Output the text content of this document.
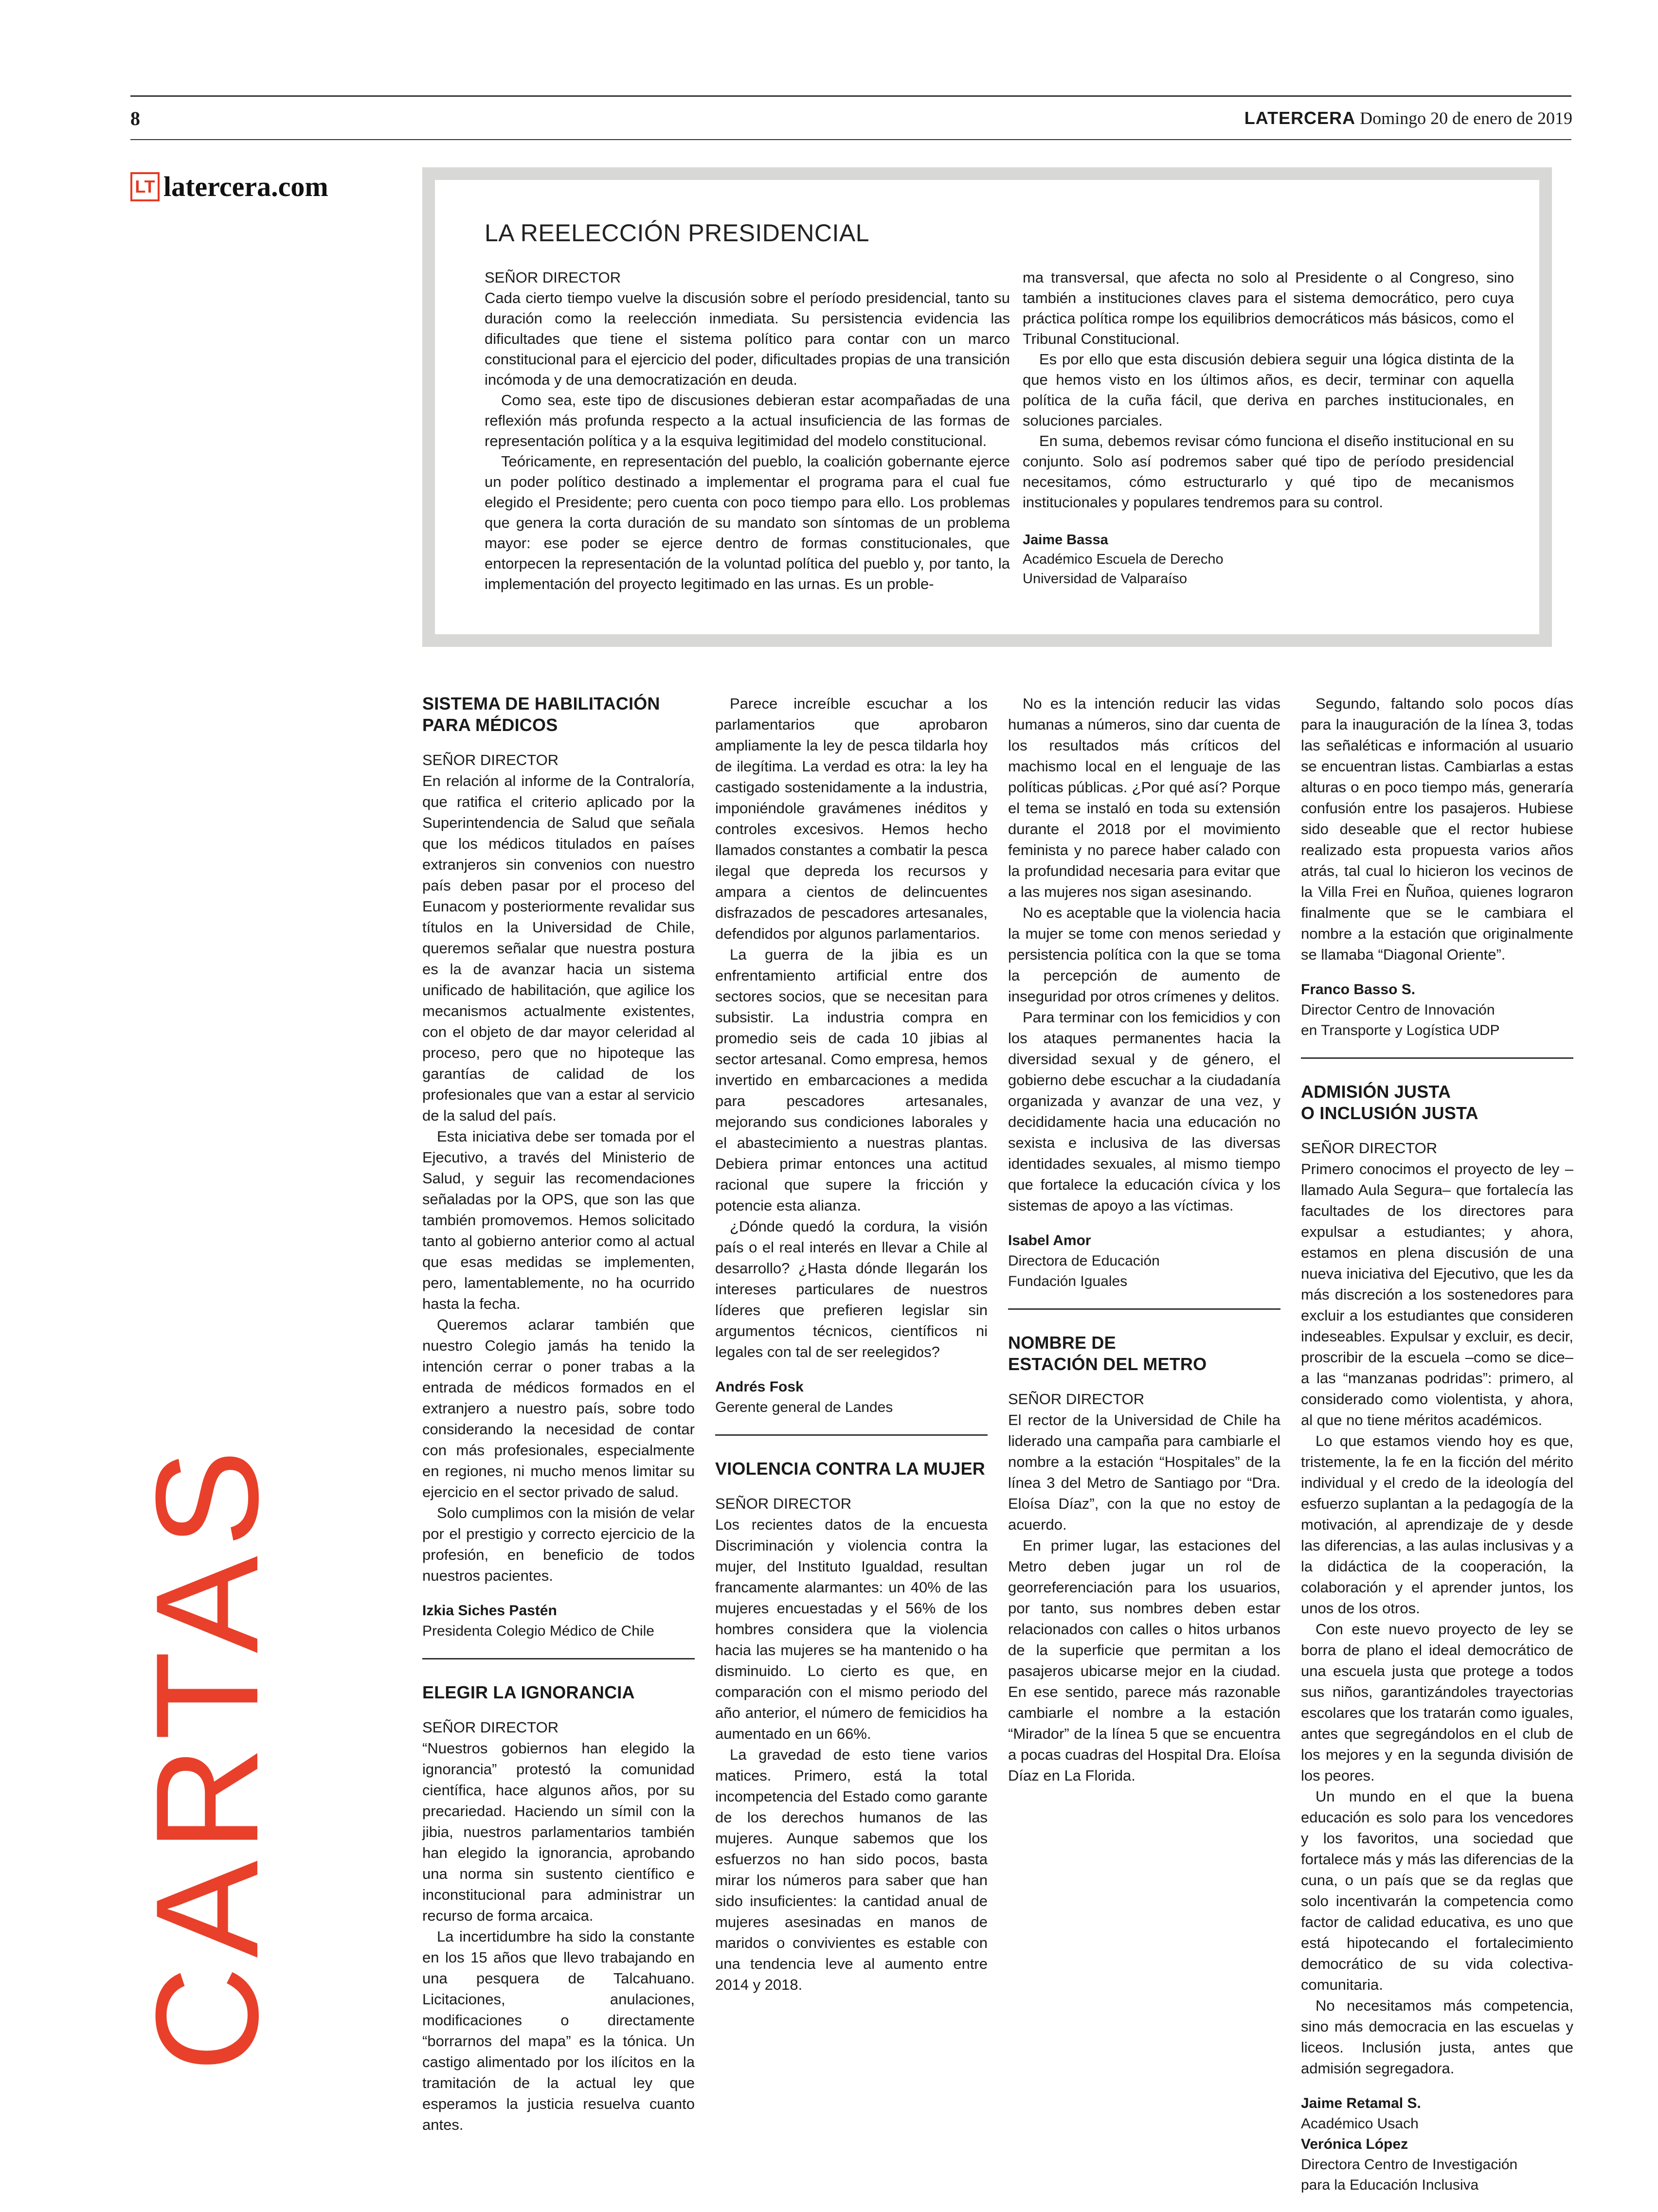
8	LATERCERA Domingo 20 de enero de 2019
LT latercera.com
LA REELECCIÓN PRESIDENCIAL

SEÑOR DIRECTOR

Cada cierto tiempo vuelve la discusión sobre el período presidencial, tanto su duración como la reelección inmediata. Su persistencia evidencia las dificultades que tiene el sistema político para contar con un marco constitucional para el ejercicio del poder, dificultades propias de una transición incómoda y de una democratización en deuda.

Como sea, este tipo de discusiones debieran estar acompañadas de una reflexión más profunda respecto a la actual insuficiencia de las formas de representación política y a la esquiva legitimidad del modelo constitucional.

Teóricamente, en representación del pueblo, la coalición gobernante ejerce un poder político destinado a implementar el programa para el cual fue elegido el Presidente; pero cuenta con poco tiempo para ello. Los problemas que genera la corta duración de su mandato son síntomas de un problema mayor: ese poder se ejerce dentro de formas constitucionales, que entorpecen la representación de la voluntad política del pueblo y, por tanto, la implementación del proyecto legitimado en las urnas. Es un proble-

ma transversal, que afecta no solo al Presidente o al Congreso, sino también a instituciones claves para el sistema democrático, pero cuya práctica política rompe los equilibrios democráticos más básicos, como el Tribunal Constitucional.

Es por ello que esta discusión debiera seguir una lógica distinta de la que hemos visto en los últimos años, es decir, terminar con aquella política de la cuña fácil, que deriva en parches institucionales, en soluciones parciales.

En suma, debemos revisar cómo funciona el diseño institucional en su conjunto. Solo así podremos saber qué tipo de período presidencial necesitamos, cómo estructurarlo y qué tipo de mecanismos institucionales y populares tendremos para su control.

Jaime Bassa
Académico Escuela de Derecho
Universidad de Valparaíso
CARTAS
SISTEMA DE HABILITACIÓN
PARA MÉDICOS

SEÑOR DIRECTOR

En relación al informe de la Contraloría, que ratifica el criterio aplicado por la Superintendencia de Salud que señala que los médicos titulados en países extranjeros sin convenios con nuestro país deben pasar por el proceso del Eunacom y posteriormente revalidar sus títulos en la Universidad de Chile, queremos señalar que nuestra postura es la de avanzar hacia un sistema unificado de habilitación, que agilice los mecanismos actualmente existentes, con el objeto de dar mayor celeridad al proceso, pero que no hipoteque las garantías de calidad de los profesionales que van a estar al servicio de la salud del país.

Esta iniciativa debe ser tomada por el Ejecutivo, a través del Ministerio de Salud, y seguir las recomendaciones señaladas por la OPS, que son las que también promovemos. Hemos solicitado tanto al gobierno anterior como al actual que esas medidas se implementen, pero, lamentablemente, no ha ocurrido hasta la fecha.

Queremos aclarar también que nuestro Colegio jamás ha tenido la intención cerrar o poner trabas a la entrada de médicos formados en el extranjero a nuestro país, sobre todo considerando la necesidad de contar con más profesionales, especialmente en regiones, ni mucho menos limitar su ejercicio en el sector privado de salud.

Solo cumplimos con la misión de velar por el prestigio y correcto ejercicio de la profesión, en beneficio de todos nuestros pacientes.

Izkia Siches Pastén
Presidenta Colegio Médico de Chile
ELEGIR LA IGNORANCIA

SEÑOR DIRECTOR

“Nuestros gobiernos han elegido la ignorancia” protestó la comunidad científica, hace algunos años, por su precariedad. Haciendo un símil con la jibia, nuestros parlamentarios también han elegido la ignorancia, aprobando una norma sin sustento científico e inconstitucional para administrar un recurso de forma arcaica.

La incertidumbre ha sido la constante en los 15 años que llevo trabajando en una pesquera de Talcahuano. Licitaciones, anulaciones, modificaciones o directamente “borrarnos del mapa” es la tónica. Un castigo alimentado por los ilícitos en la tramitación de la actual ley que esperamos la justicia resuelva cuanto antes.

Parece increíble escuchar a los parlamentarios que aprobaron ampliamente la ley de pesca tildarla hoy de ilegítima. La verdad es otra: la ley ha castigado sostenidamente a la industria, imponiéndole gravámenes inéditos y controles excesivos. Hemos hecho llamados constantes a combatir la pesca ilegal que depreda los recursos y ampara a cientos de delincuentes disfrazados de pescadores artesanales, defendidos por algunos parlamentarios.

La guerra de la jibia es un enfrentamiento artificial entre dos sectores socios, que se necesitan para subsistir. La industria compra en promedio seis de cada 10 jibias al sector artesanal. Como empresa, hemos invertido en embarcaciones a medida para pescadores artesanales, mejorando sus condiciones laborales y el abastecimiento a nuestras plantas. Debiera primar entonces una actitud racional que supere la fricción y potencie esta alianza.

¿Dónde quedó la cordura, la visión país o el real interés en llevar a Chile al desarrollo? ¿Hasta dónde llegarán los intereses particulares de nuestros líderes que prefieren legislar sin argumentos técnicos, científicos ni legales con tal de ser reelegidos?

Andrés Fosk
Gerente general de Landes
VIOLENCIA CONTRA LA MUJER

SEÑOR DIRECTOR

Los recientes datos de la encuesta Discriminación y violencia contra la mujer, del Instituto Igualdad, resultan francamente alarmantes: un 40% de las mujeres encuestadas y el 56% de los hombres considera que la violencia hacia las mujeres se ha mantenido o ha disminuido. Lo cierto es que, en comparación con el mismo periodo del año anterior, el número de femicidios ha aumentado en un 66%.

La gravedad de esto tiene varios matices. Primero, está la total incompetencia del Estado como garante de los derechos humanos de las mujeres. Aunque sabemos que los esfuerzos no han sido pocos, basta mirar los números para saber que han sido insuficientes: la cantidad anual de mujeres asesinadas en manos de maridos o convivientes es estable con una tendencia leve al aumento entre 2014 y 2018.

No es la intención reducir las vidas humanas a números, sino dar cuenta de los resultados más críticos del machismo local en el lenguaje de las políticas públicas. ¿Por qué así? Porque el tema se instaló en toda su extensión durante el 2018 por el movimiento feminista y no parece haber calado con la profundidad necesaria para evitar que a las mujeres nos sigan asesinando.

No es aceptable que la violencia hacia la mujer se tome con menos seriedad y persistencia política con la que se toma la percepción de aumento de inseguridad por otros crímenes y delitos.

Para terminar con los femicidios y con los ataques permanentes hacia la diversidad sexual y de género, el gobierno debe escuchar a la ciudadanía organizada y avanzar de una vez, y decididamente hacia una educación no sexista e inclusiva de las diversas identidades sexuales, al mismo tiempo que fortalece la educación cívica y los sistemas de apoyo a las víctimas.

Isabel Amor
Directora de Educación
Fundación Iguales
NOMBRE DE
ESTACIÓN DEL METRO

SEÑOR DIRECTOR

El rector de la Universidad de Chile ha liderado una campaña para cambiarle el nombre a la estación “Hospitales” de la línea 3 del Metro de Santiago por “Dra. Eloísa Díaz”, con la que no estoy de acuerdo.

En primer lugar, las estaciones del Metro deben jugar un rol de georreferenciación para los usuarios, por tanto, sus nombres deben estar relacionados con calles o hitos urbanos de la superficie que permitan a los pasajeros ubicarse mejor en la ciudad. En ese sentido, parece más razonable cambiarle el nombre a la estación “Mirador” de la línea 5 que se encuentra a pocas cuadras del Hospital Dra. Eloísa Díaz en La Florida.

Segundo, faltando solo pocos días para la inauguración de la línea 3, todas las señaléticas e información al usuario se encuentran listas. Cambiarlas a estas alturas o en poco tiempo más, generaría confusión entre los pasajeros. Hubiese sido deseable que el rector hubiese realizado esta propuesta varios años atrás, tal cual lo hicieron los vecinos de la Villa Frei en Ñuñoa, quienes lograron finalmente que se le cambiara el nombre a la estación que originalmente se llamaba “Diagonal Oriente”.

Franco Basso S.
Director Centro de Innovación
en Transporte y Logística UDP
ADMISIÓN JUSTA
O INCLUSIÓN JUSTA

SEÑOR DIRECTOR

Primero conocimos el proyecto de ley –llamado Aula Segura– que fortalecía las facultades de los directores para expulsar a estudiantes; y ahora, estamos en plena discusión de una nueva iniciativa del Ejecutivo, que les da más discreción a los sostenedores para excluir a los estudiantes que consideren indeseables. Expulsar y excluir, es decir, proscribir de la escuela –como se dice– a las “manzanas podridas”: primero, al considerado como violentista, y ahora, al que no tiene méritos académicos.

Lo que estamos viendo hoy es que, tristemente, la fe en la ficción del mérito individual y el credo de la ideología del esfuerzo suplantan a la pedagogía de la motivación, al aprendizaje de y desde las diferencias, a las aulas inclusivas y a la didáctica de la cooperación, la colaboración y el aprender juntos, los unos de los otros.

Con este nuevo proyecto de ley se borra de plano el ideal democrático de una escuela justa que protege a todos sus niños, garantizándoles trayectorias escolares que los tratarán como iguales, antes que segregándolos en el club de los mejores y en la segunda división de los peores.

Un mundo en el que la buena educación es solo para los vencedores y los favoritos, una sociedad que fortalece más y más las diferencias de la cuna, o un país que se da reglas que solo incentivarán la competencia como factor de calidad educativa, es uno que está hipotecando el fortalecimiento democrático de su vida colectiva-comunitaria.

No necesitamos más competencia, sino más democracia en las escuelas y liceos. Inclusión justa, antes que admisión segregadora.

Jaime Retamal S.
Académico Usach
Verónica López
Directora Centro de Investigación
para la Educación Inclusiva
